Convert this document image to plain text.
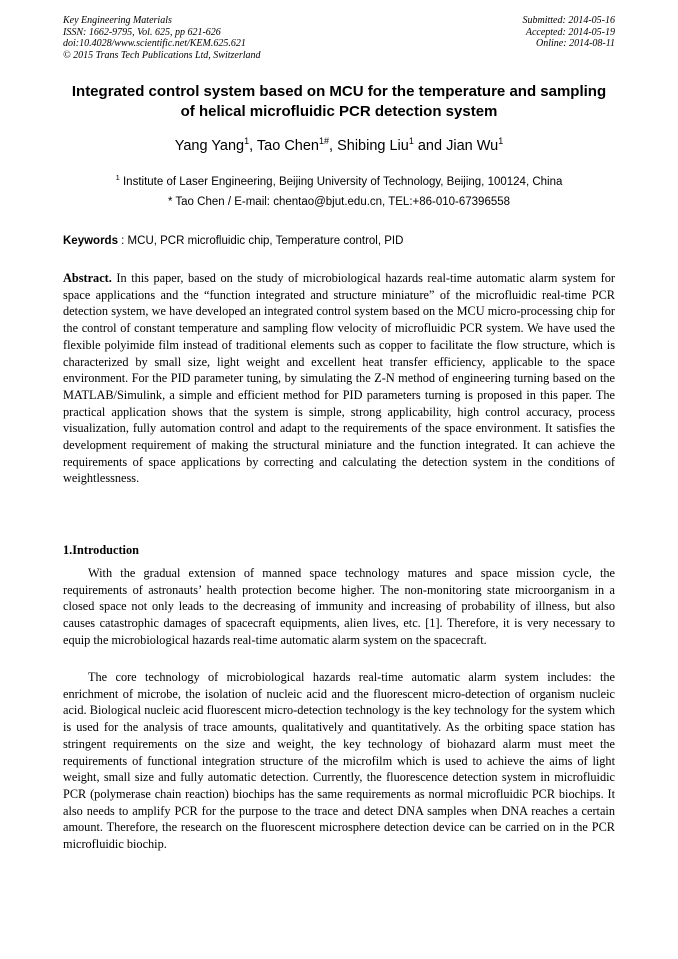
Key Engineering Materials
ISSN: 1662-9795, Vol. 625, pp 621-626
doi:10.4028/www.scientific.net/KEM.625.621
© 2015 Trans Tech Publications Ltd, Switzerland
Submitted: 2014-05-16
Accepted: 2014-05-19
Online: 2014-08-11
Integrated control system based on MCU for the temperature and sampling of helical microfluidic PCR detection system
Yang Yang$^1$, Tao Chen$^{1\#}$, Shibing Liu$^1$ and Jian Wu$^1$
$^1$ Institute of Laser Engineering, Beijing University of Technology, Beijing, 100124, China
* Tao Chen / E-mail: chentao@bjut.edu.cn, TEL:+86-010-67396558
Keywords : MCU, PCR microfluidic chip, Temperature control, PID

Abstract. In this paper, based on the study of microbiological hazards real-time automatic alarm system for space applications and the “function integrated and structure miniature” of the microfluidic real-time PCR detection system, we have developed an integrated control system based on the MCU micro-processing chip for the control of constant temperature and sampling flow velocity of microfluidic PCR system. We have used the flexible polyimide film instead of traditional elements such as copper to facilitate the flow structure, which is characterized by small size, light weight and excellent heat transfer efficiency, applicable to the space environment. For the PID parameter tuning, by simulating the Z-N method of engineering turning based on the MATLAB/Simulink, a simple and efficient method for PID parameters turning is proposed in this paper. The practical application shows that the system is simple, strong applicability, high control accuracy, process visualization, fully automation control and adapt to the requirements of the space environment. It satisfies the development requirement of making the structural miniature and the function integrated. It can achieve the requirements of space applications by correcting and calculating the detection system in the conditions of weightlessness.

1.Introduction

With the gradual extension of manned space technology matures and space mission cycle, the requirements of astronauts’ health protection become higher. The non-monitoring state microorganism in a closed space not only leads to the decreasing of immunity and increasing of probability of illness, but also causes catastrophic damages of spacecraft equipments, alien lives, etc. [1]. Therefore, it is very necessary to equip the microbiological hazards real-time automatic alarm system on the spacecraft.

The core technology of microbiological hazards real-time automatic alarm system includes: the enrichment of microbe, the isolation of nucleic acid and the fluorescent micro-detection of organism nucleic acid. Biological nucleic acid fluorescent micro-detection technology is the key technology for the system which is used for the analysis of trace amounts, qualitatively and quantitatively. As the orbiting space station has stringent requirements on the size and weight, the key technology of biohazard alarm must meet the requirements of functional integration structure of the microfilm which is used to achieve the aims of light weight, small size and fully automatic detection. Currently, the fluorescence detection system in microfluidic PCR (polymerase chain reaction) biochips has the same requirements as normal microfluidic PCR biochips. It also needs to amplify PCR for the purpose to the trace and detect DNA samples when DNA reaches a certain amount. Therefore, the research on the fluorescent microsphere detection device can be carried on in the PCR microfluidic biochip.
